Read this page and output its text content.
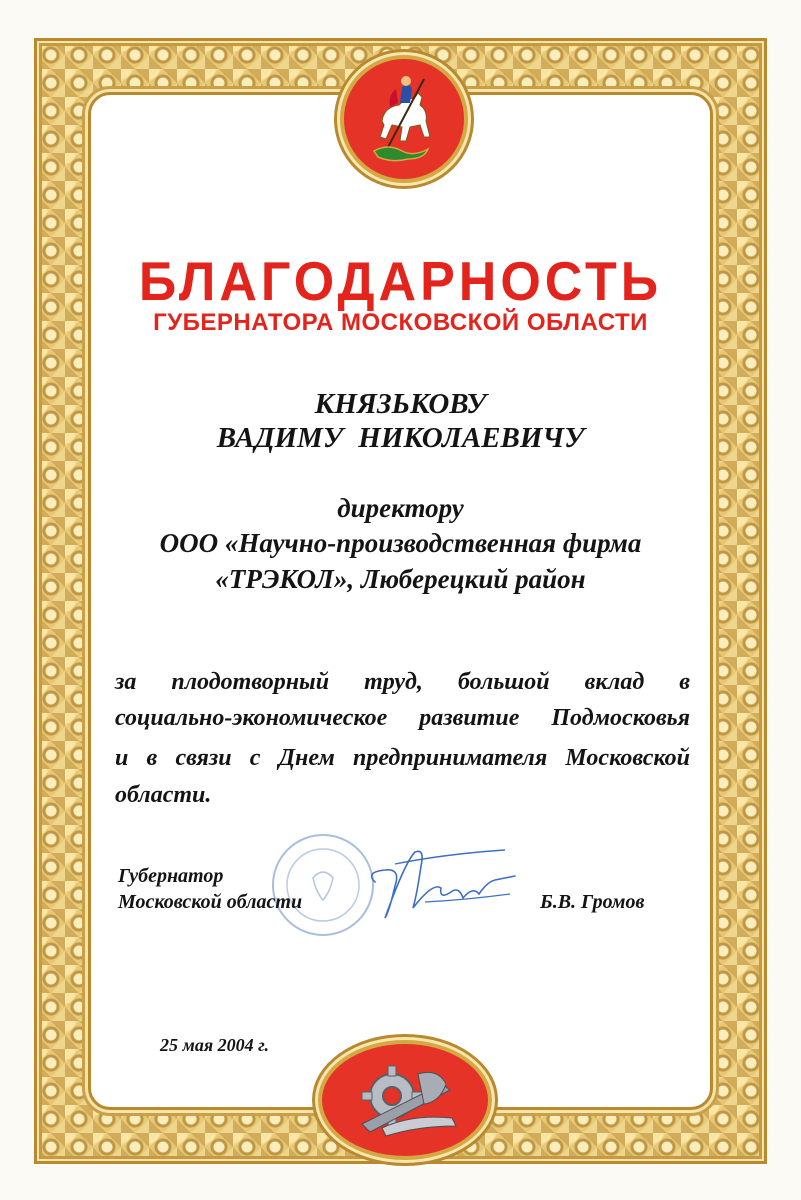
БЛАГОДАРНОСТЬ
ГУБЕРНАТОРА МОСКОВСКОЙ ОБЛАСТИ
КНЯЗЬКОВУ
ВАДИМУ НИКОЛАЕВИЧУ
директору
ООО «Научно-производственная фирма
«ТРЭКОЛ», Люберецкий район
за плодотворный труд, большой вклад в
социально-экономическое развитие Подмосковья
и в связи с Днем предпринимателя Московской
области.
Губернатор
Московской области	Б.В. Громов
25 мая 2004 г.
